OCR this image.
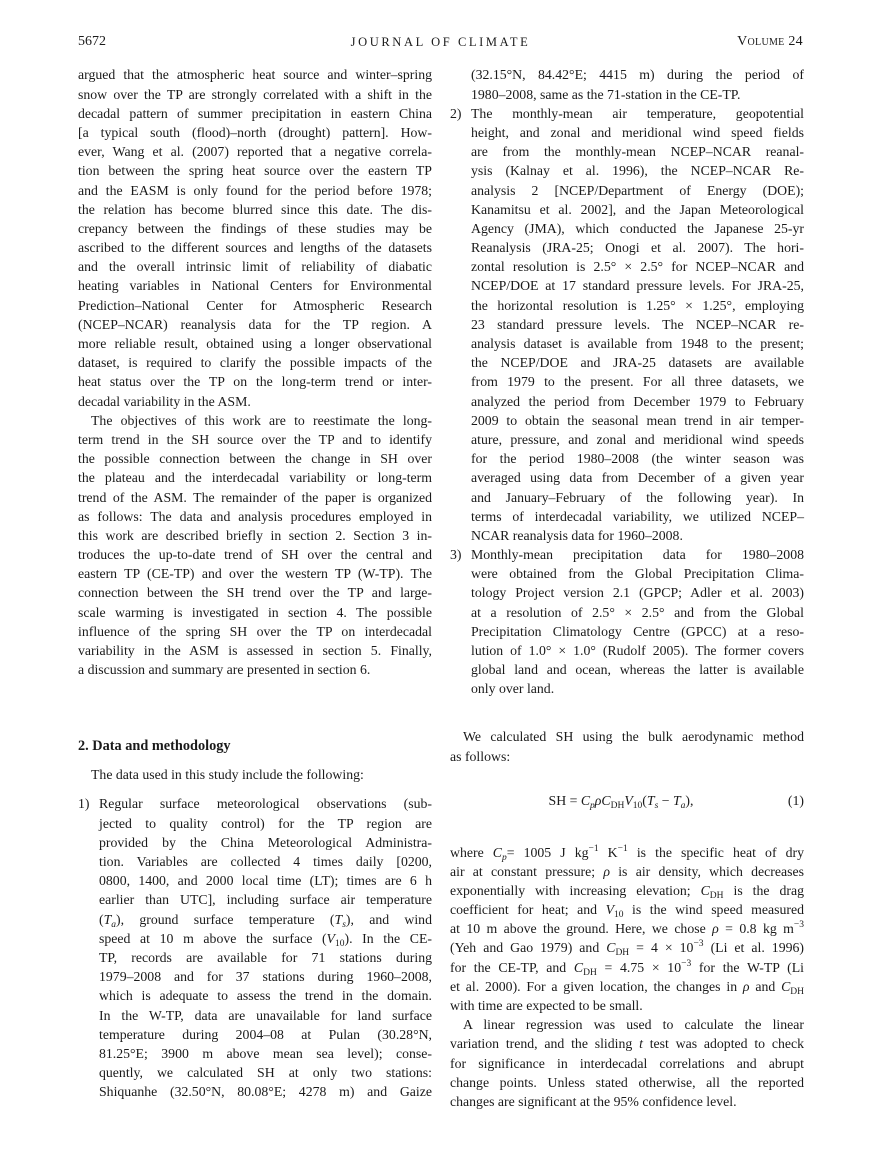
5672	JOURNAL OF CLIMATE	Volume 24
argued that the atmospheric heat source and winter–spring
snow over the TP are strongly correlated with a shift in the
decadal pattern of summer precipitation in eastern China
[a typical south (flood)–north (drought) pattern]. How-
ever, Wang et al. (2007) reported that a negative correla-
tion between the spring heat source over the eastern TP
and the EASM is only found for the period before 1978;
the relation has become blurred since this date. The dis-
crepancy between the findings of these studies may be
ascribed to the different sources and lengths of the datasets
and the overall intrinsic limit of reliability of diabatic
heating variables in National Centers for Environmental
Prediction–National Center for Atmospheric Research
(NCEP–NCAR) reanalysis data for the TP region. A
more reliable result, obtained using a longer observational
dataset, is required to clarify the possible impacts of the
heat status over the TP on the long-term trend or inter-
decadal variability in the ASM.
The objectives of this work are to reestimate the long-
term trend in the SH source over the TP and to identify
the possible connection between the change in SH over
the plateau and the interdecadal variability or long-term
trend of the ASM. The remainder of the paper is organized
as follows: The data and analysis procedures employed in
this work are described briefly in section 2. Section 3 in-
troduces the up-to-date trend of SH over the central and
eastern TP (CE-TP) and over the western TP (W-TP). The
connection between the SH trend over the TP and large-
scale warming is investigated in section 4. The possible
influence of the spring SH over the TP on interdecadal
variability in the ASM is assessed in section 5. Finally,
a discussion and summary are presented in section 6.
2. Data and methodology
The data used in this study include the following:
1) Regular surface meteorological observations (sub-
jected to quality control) for the TP region are
provided by the China Meteorological Administra-
tion. Variables are collected 4 times daily [0200,
0800, 1400, and 2000 local time (LT); times are 6 h
earlier than UTC], including surface air temperature
$(T_a)$, ground surface temperature $(T_s)$, and wind
speed at 10 m above the surface $(V_{10})$. In the CE-
TP, records are available for 71 stations during
1979–2008 and for 37 stations during 1960–2008,
which is adequate to assess the trend in the domain.
In the W-TP, data are unavailable for land surface
temperature during 2004–08 at Pulan (30.28°N,
81.25°E; 3900 m above mean sea level); conse-
quently, we calculated SH at only two stations:
Shiquanhe (32.50°N, 80.08°E; 4278 m) and Gaize
(32.15°N, 84.42°E; 4415 m) during the period of
1980–2008, same as the 71-station in the CE-TP.
2) The monthly-mean air temperature, geopotential
height, and zonal and meridional wind speed fields
are from the monthly-mean NCEP–NCAR reanal-
ysis (Kalnay et al. 1996), the NCEP–NCAR Re-
analysis 2 [NCEP/Department of Energy (DOE);
Kanamitsu et al. 2002], and the Japan Meteorological
Agency (JMA), which conducted the Japanese 25-yr
Reanalysis (JRA-25; Onogi et al. 2007). The hori-
zontal resolution is 2.5° × 2.5° for NCEP–NCAR and
NCEP/DOE at 17 standard pressure levels. For JRA-25,
the horizontal resolution is 1.25° × 1.25°, employing
23 standard pressure levels. The NCEP–NCAR re-
analysis dataset is available from 1948 to the present;
the NCEP/DOE and JRA-25 datasets are available
from 1979 to the present. For all three datasets, we
analyzed the period from December 1979 to February
2009 to obtain the seasonal mean trend in air temper-
ature, pressure, and zonal and meridional wind speeds
for the period 1980–2008 (the winter season was
averaged using data from December of a given year
and January–February of the following year). In
terms of interdecadal variability, we utilized NCEP–
NCAR reanalysis data for 1960–2008.
3) Monthly-mean precipitation data for 1980–2008
were obtained from the Global Precipitation Clima-
tology Project version 2.1 (GPCP; Adler et al. 2003)
at a resolution of 2.5° × 2.5° and from the Global
Precipitation Climatology Centre (GPCC) at a reso-
lution of 1.0° × 1.0° (Rudolf 2005). The former covers
global land and ocean, whereas the latter is available
only over land.
We calculated SH using the bulk aerodynamic method
as follows:
SH = $C_p\rho C_{DH}V_{10}(T_s - T_a)$,	(1)
where $C_p= 1005$ J $kg^{-1}$ $K^{-1}$ is the specific heat of dry
air at constant pressure; ρ is air density, which decreases
exponentially with increasing elevation; $C_{DH}$ is the drag
coefficient for heat; and $V_{10}$ is the wind speed measured
at 10 m above the ground. Here, we chose ρ = 0.8 kg $m^{-3}$
(Yeh and Gao 1979) and $C_{DH} = 4 \times 10^{-3}$ (Li et al. 1996)
for the CE-TP, and $C_{DH} = 4.75 \times 10^{-3}$ for the W-TP (Li
et al. 2000). For a given location, the changes in ρ and $C_{DH}$
with time are expected to be small.
A linear regression was used to calculate the linear
variation trend, and the sliding t test was adopted to check
for significance in interdecadal correlations and abrupt
change points. Unless stated otherwise, all the reported
changes are significant at the 95% confidence level.
